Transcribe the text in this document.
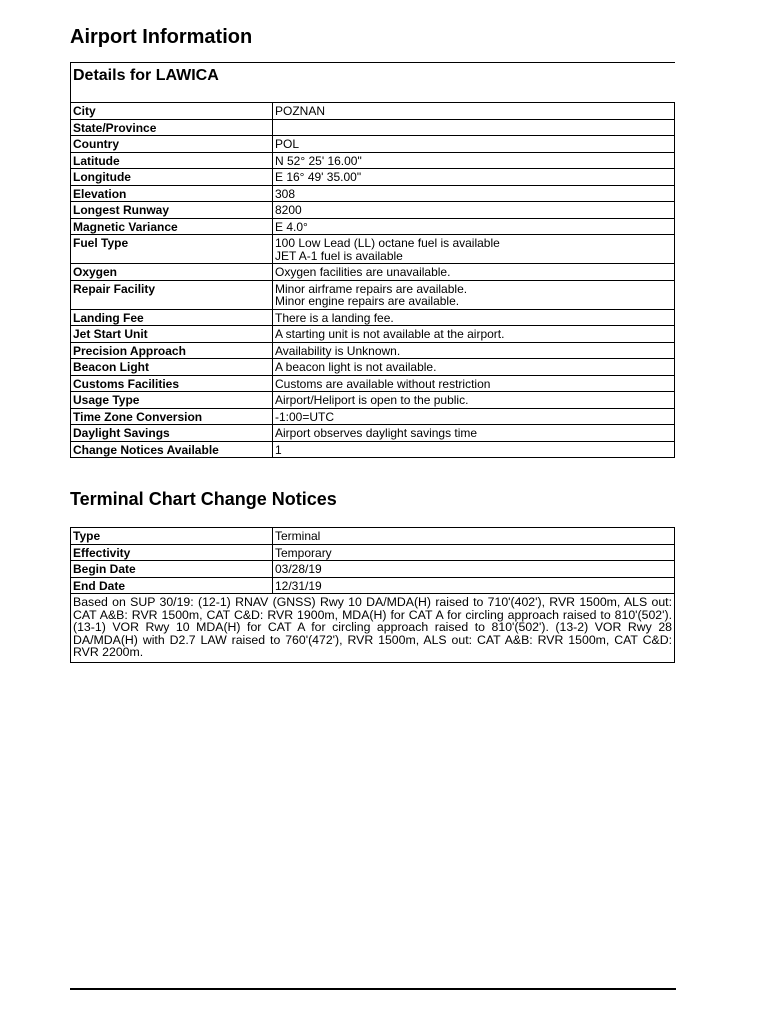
Airport Information
Details for LAWICA
City	POZNAN

State/Province	

Country	POL

Latitude	N 52° 25' 16.00"

Longitude	E 16° 49' 35.00"

Elevation	308

Longest Runway	8200

Magnetic Variance	E 4.0°

Fuel Type	100 Low Lead (LL) octane fuel is available
JET A-1 fuel is available

Oxygen	Oxygen facilities are unavailable.

Repair Facility	Minor airframe repairs are available.
Minor engine repairs are available.

Landing Fee	There is a landing fee.

Jet Start Unit	A starting unit is not available at the airport.

Precision Approach	Availability is Unknown.

Beacon Light	A beacon light is not available.

Customs Facilities	Customs are available without restriction

Usage Type	Airport/Heliport is open to the public.

Time Zone Conversion	-1:00=UTC

Daylight Savings	Airport observes daylight savings time

Change Notices Available	1
Terminal Chart Change Notices
Type	Terminal

Effectivity	Temporary

Begin Date	03/28/19

End Date	12/31/19
Based on SUP 30/19: (12-1) RNAV (GNSS) Rwy 10 DA/MDA(H) raised to 710'(402'), RVR 1500m, ALS out: CAT A&B: RVR 1500m, CAT C&D: RVR 1900m, MDA(H) for CAT A for circling approach raised to 810'(502'). (13-1) VOR Rwy 10 MDA(H) for CAT A for circling approach raised to 810'(502'). (13-2) VOR Rwy 28 DA/MDA(H) with D2.7 LAW raised to 760'(472'), RVR 1500m, ALS out: CAT A&B: RVR 1500m, CAT C&D: RVR 2200m.
